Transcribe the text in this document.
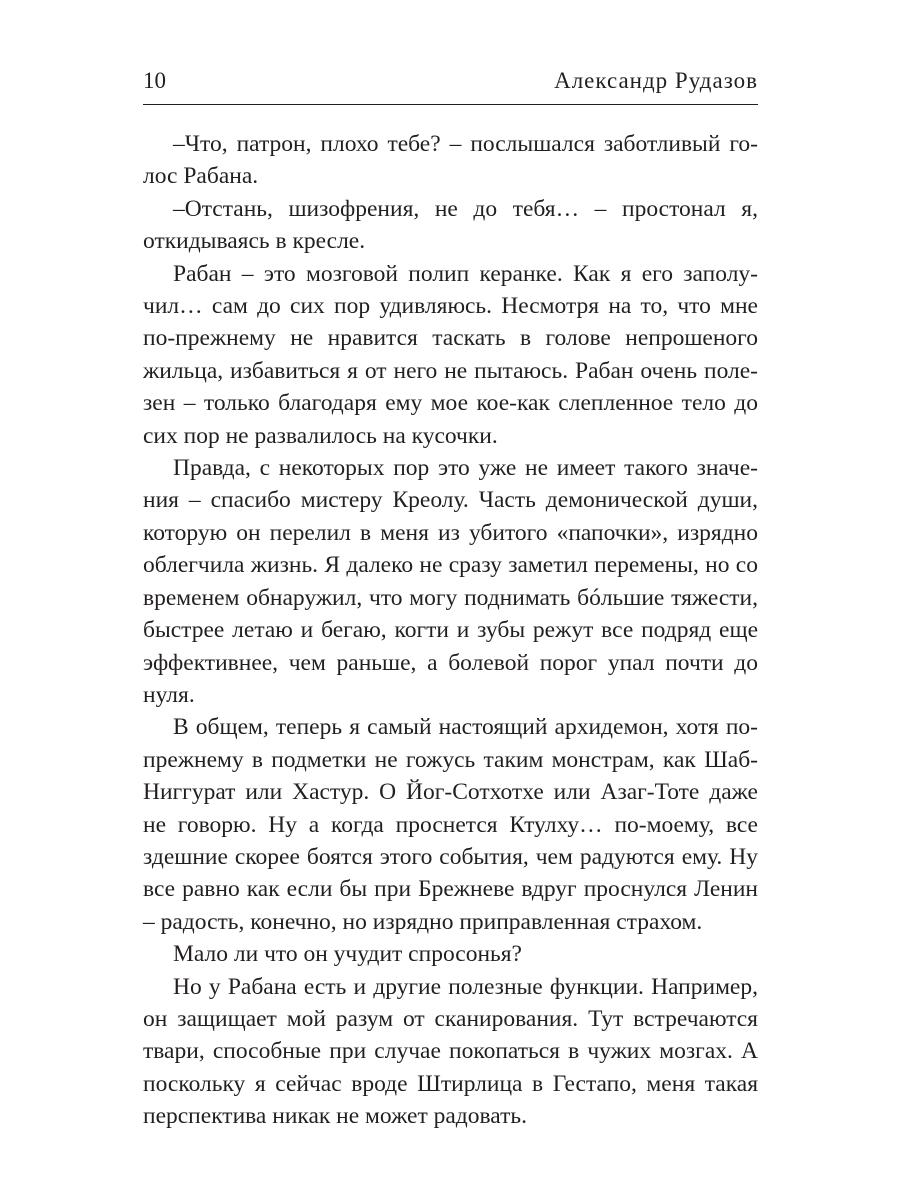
10	Александр Рудазов

–Что, патрон, плохо тебе? – послышался заботливый голос Рабана.

–Отстань, шизофрения, не до тебя… – простонал я, откидываясь в кресле.

Рабан – это мозговой полип керанке. Как я его заполучил… сам до сих пор удивляюсь. Несмотря на то, что мне по-прежнему не нравится таскать в голове непрошеного жильца, избавиться я от него не пытаюсь. Рабан очень полезен – только благодаря ему мое кое-как слепленное тело до сих пор не развалилось на кусочки.

Правда, с некоторых пор это уже не имеет такого значения – спасибо мистеру Креолу. Часть демонической души, которую он перелил в меня из убитого «папочки», изрядно облегчила жизнь. Я далеко не сразу заметил перемены, но со временем обнаружил, что могу поднимать бóльшие тяжести, быстрее летаю и бегаю, когти и зубы режут все подряд еще эффективнее, чем раньше, а болевой порог упал почти до нуля.

В общем, теперь я самый настоящий архидемон, хотя по-прежнему в подметки не гожусь таким монстрам, как Шаб-Ниггурат или Хастур. О Йог-Сотхотхе или Азаг-Тоте даже не говорю. Ну а когда проснется Ктулху… по-моему, все здешние скорее боятся этого события, чем радуются ему. Ну все равно как если бы при Брежневе вдруг проснулся Ленин – радость, конечно, но изрядно приправленная страхом.

Мало ли что он учудит спросонья?

Но у Рабана есть и другие полезные функции. Например, он защищает мой разум от сканирования. Тут встречаются твари, способные при случае покопаться в чужих мозгах. А поскольку я сейчас вроде Штирлица в Гестапо, меня такая перспектива никак не может радовать.
